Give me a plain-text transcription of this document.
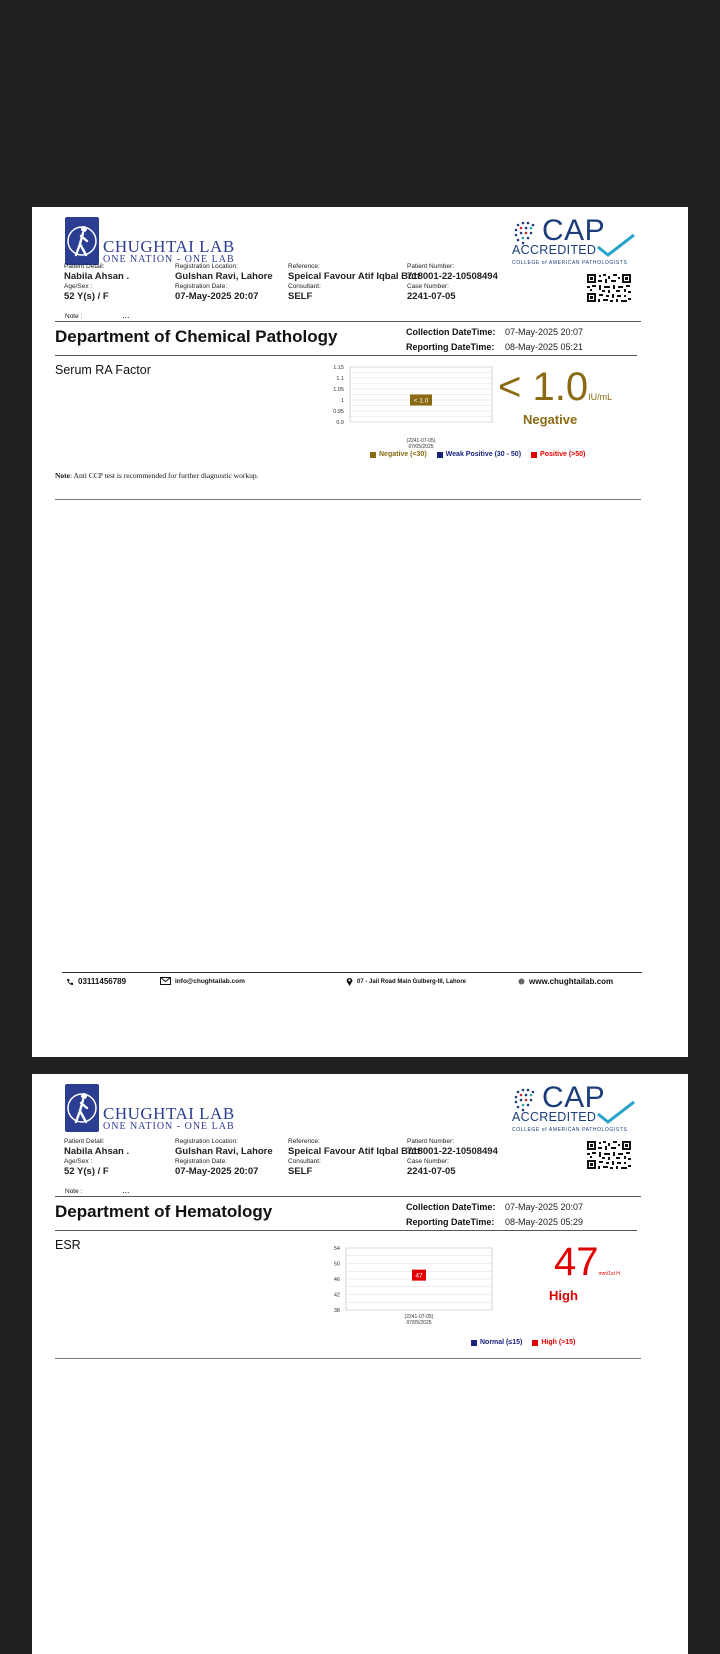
CHUGHTAI LAB
ONE NATION - ONE LAB
CAP
ACCREDITED
COLLEGE of AMERICAN PATHOLOGISTS
Patient Detail:
Nabila Ahsan .
Age/Sex :
52 Y(s) / F
Registration Location:
Gulshan Ravi, Lahore
Registration Date:
07-May-2025 20:07
Reference:
Speical Favour Atif Iqbal Butt
Consultant:
SELF
Patient Number:
718001-22-10508494
Case Number:
2241-07-05
Note :	...
Department of Chemical Pathology	Collection DateTime: 07-May-2025 20:07
Reporting DateTime: 08-May-2025 05:21
Serum RA Factor	1.15
1.1
1.05
1
0.95
0.9
< 1.0
(2241-07-05)
07/05/2025
Negative (<30)	Weak Positive (30 - 50)	Positive (>50)
< 1.0IU/mL
Negative
Note: Anti CCP test is recommended for further diagnostic workup.
03111456789	info@chughtailab.com	07 - Jail Road Main Gulberg-III, Lahore	www.chughtailab.com
CHUGHTAI LAB
ONE NATION - ONE LAB
CAP
ACCREDITED
COLLEGE of AMERICAN PATHOLOGISTS
Patient Detail:
Nabila Ahsan .
Age/Sex :
52 Y(s) / F
Registration Location:
Gulshan Ravi, Lahore
Registration Date:
07-May-2025 20:07
Reference:
Speical Favour Atif Iqbal Butt
Consultant:
SELF
Patient Number:
718001-22-10508494
Case Number:
2241-07-05
Note :	...
Department of Hematology	Collection DateTime: 07-May-2025 20:07
Reporting DateTime: 08-May-2025 05:29
ESR	54
50
46
42
38
47
(2241-07-05)
07/05/2025
Normal (≤15)	High (>15)
47mm/1st H
High
